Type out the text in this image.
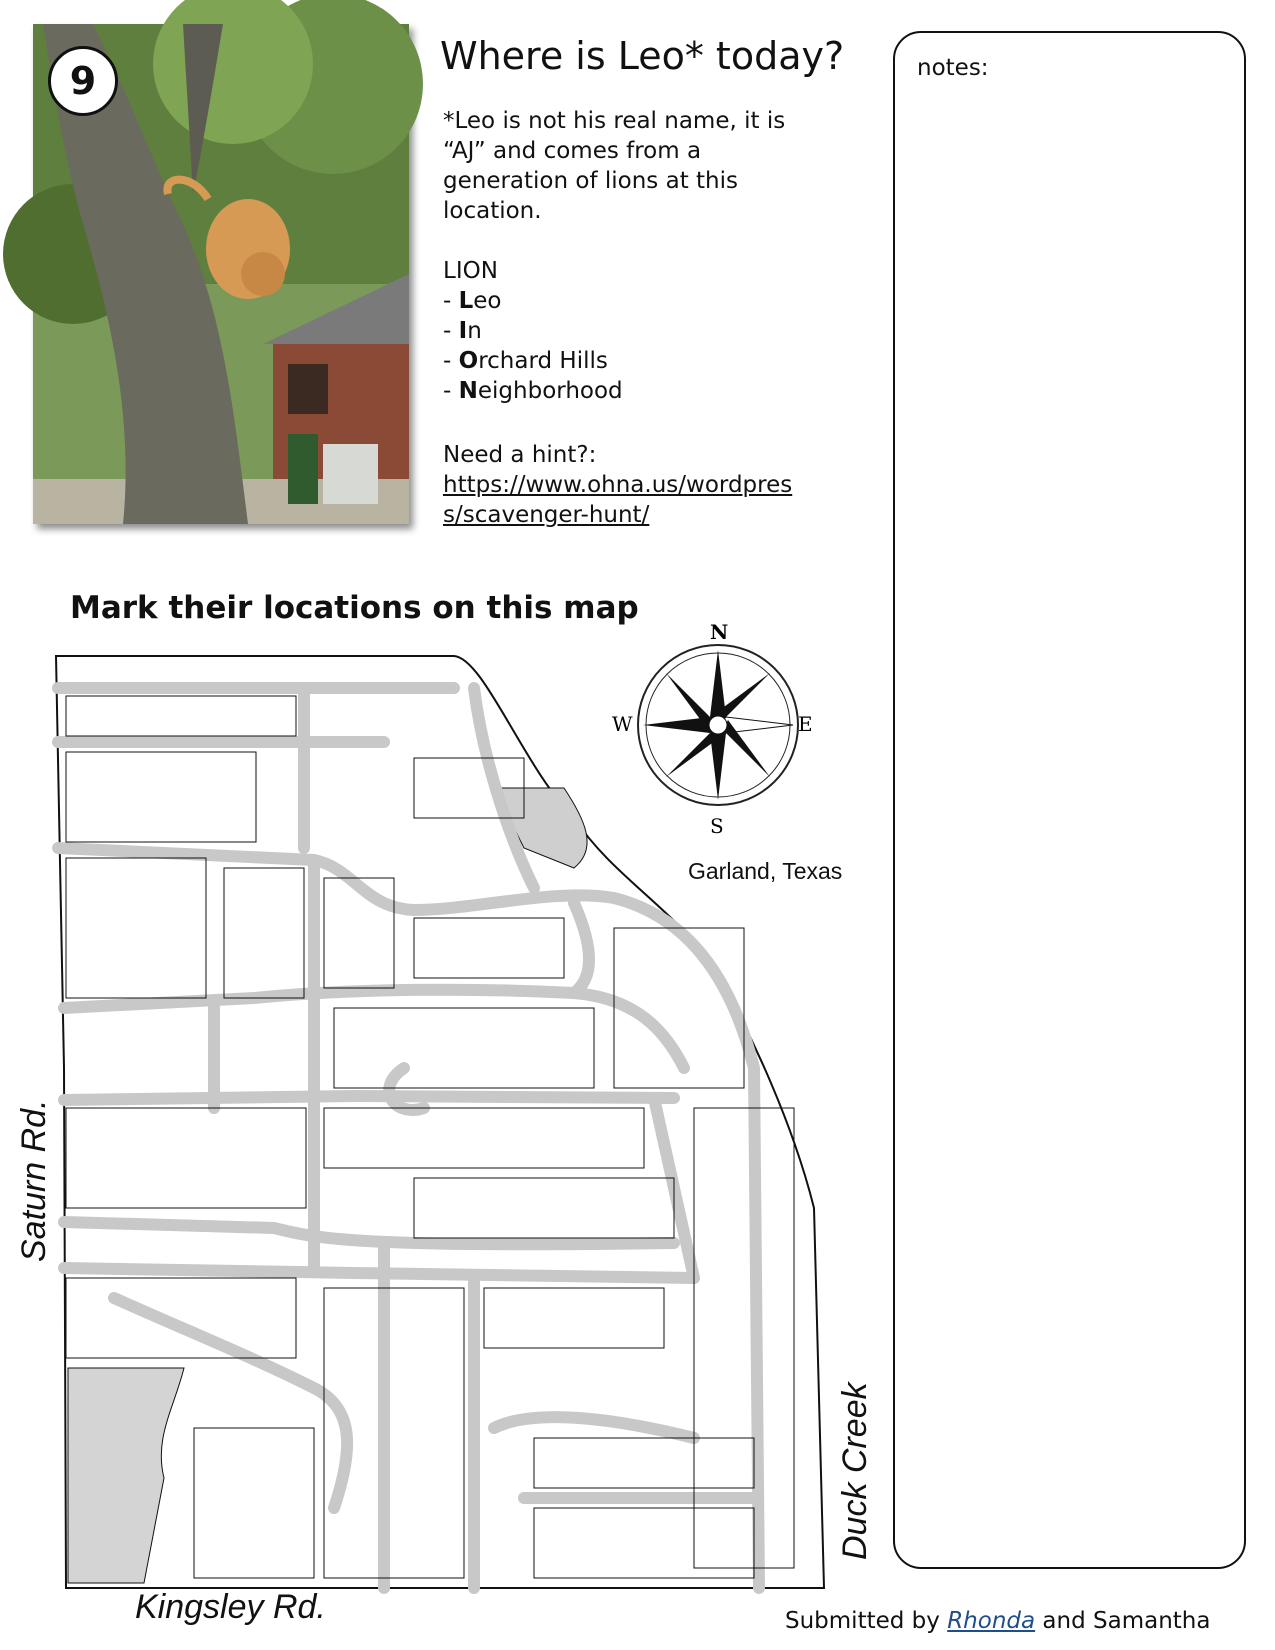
9
Where is Leo* today?

*Leo is not his real name, it is “AJ” and comes from a generation of lions at this location.

LION
- Leo
- In
- Orchard Hills
- Neighborhood
Need a hint?:
https://www.ohna.us/wordpress/scavenger-hunt/
notes:
Mark their locations on this map
N
S
E
W
Garland, Texas
Saturn Rd.
Duck Creek
Kingsley Rd.	Submitted by Rhonda and Samantha
